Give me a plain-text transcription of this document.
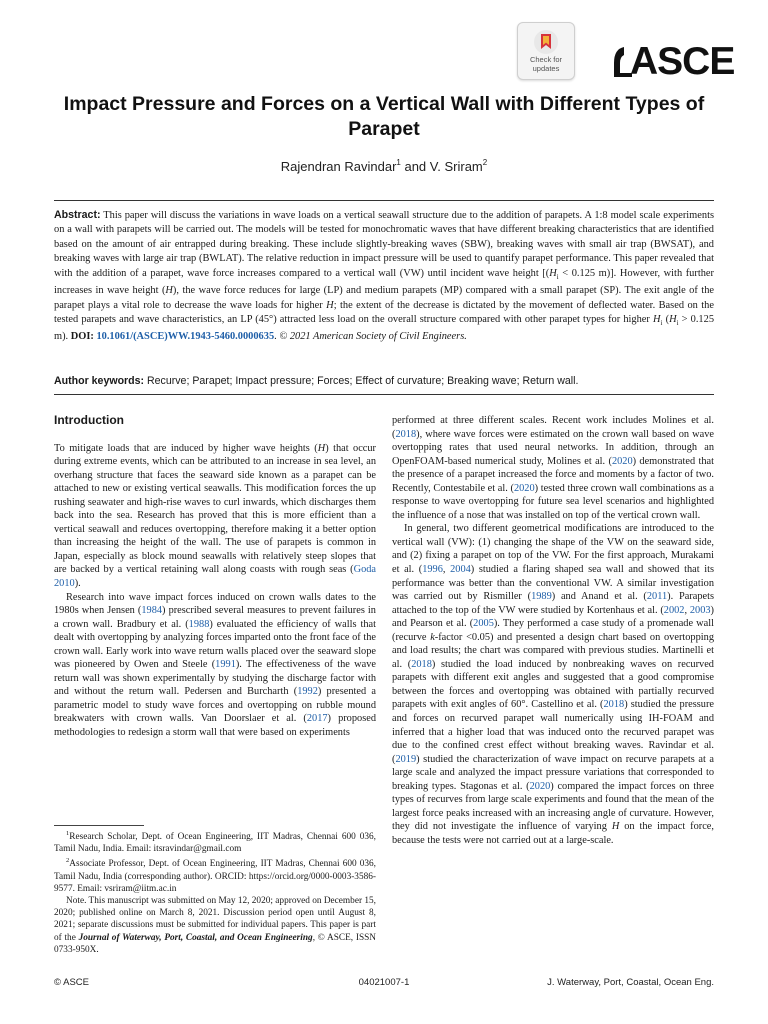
Check for
updates	ASCE
Impact Pressure and Forces on a Vertical Wall with Different Types of Parapet
Rajendran Ravindar$^1$ and V. Sriram$^2$
Abstract: This paper will discuss the variations in wave loads on a vertical seawall structure due to the addition of parapets. A 1:8 model scale experiments on a wall with parapets will be carried out. The models will be tested for monochromatic waves that have different breaking characteristics that are identified based on the amount of air entrapped during breaking. These include slightly-breaking waves (SBW), breaking waves with small air trap (BWSAT), and breaking waves with large air trap (BWLAT). The relative reduction in impact pressure will be used to quantify parapet performance. This paper revealed that with the addition of a parapet, wave force increases compared to a vertical wall (VW) until incident wave height [($H_i < 0.125$ m)]. However, with further increases in wave height (H), the wave force reduces for large (LP) and medium parapets (MP) compared with a small parapet (SP). The exit angle of the parapet plays a vital role to decrease the wave loads for higher H; the extent of the decrease is dictated by the movement of deflected water. Based on the tested parapets and wave characteristics, an LP (45°) attracted less load on the overall structure compared with other parapet types for higher $H_i$ ($H_i > 0.125$ m). DOI: 10.1061/(ASCE)WW.1943-5460.0000635. © 2021 American Society of Civil Engineers.
Author keywords: Recurve; Parapet; Impact pressure; Forces; Effect of curvature; Breaking wave; Return wall.
Introduction

To mitigate loads that are induced by higher wave heights (H) that occur during extreme events, which can be attributed to an increase in sea level, an overhang structure that faces the seaward side known as a parapet can be attached to new or existing vertical seawalls. This modification forces the up rushing seawater and high-rise waves to curl inwards, which discharges them back into the sea. Research has proved that this is more efficient than a vertical seawall and reduces overtopping, therefore making it a better option than increasing the height of the wall. The use of parapets is common in Japan, especially as block mound seawalls with relatively steep slopes that are backed by a vertical retaining wall along coasts with rough seas (Goda 2010).

Research into wave impact forces induced on crown walls dates to the 1980s when Jensen (1984) prescribed several measures to prevent failures in a crown wall. Bradbury et al. (1988) evaluated the efficiency of walls that dealt with overtopping by analyzing forces imparted onto the front face of the crown wall. Early work into wave return walls placed over the seaward slope was pioneered by Owen and Steele (1991). The effectiveness of the wave return wall was shown experimentally by studying the discharge factor with and without the return wall. Pedersen and Burcharth (1992) presented a parametric model to study wave forces and overtopping on rubble mound breakwaters with crown walls. Van Doorslaer et al. (2017) proposed methodologies to redesign a storm wall that were based on experiments

$^1$Research Scholar, Dept. of Ocean Engineering, IIT Madras, Chennai 600 036, Tamil Nadu, India. Email: itsravindar@gmail.com

$^2$Associate Professor, Dept. of Ocean Engineering, IIT Madras, Chennai 600 036, Tamil Nadu, India (corresponding author). ORCID: https://orcid.org/0000-0003-3586-9577. Email: vsriram@iitm.ac.in

Note. This manuscript was submitted on May 12, 2020; approved on December 15, 2020; published online on March 8, 2021. Discussion period open until August 8, 2021; separate discussions must be submitted for individual papers. This paper is part of the Journal of Waterway, Port, Coastal, and Ocean Engineering, © ASCE, ISSN 0733-950X.

performed at three different scales. Recent work includes Molines et al. (2018), where wave forces were estimated on the crown wall based on wave overtopping rates that used neural networks. In addition, through an OpenFOAM-based numerical study, Molines et al. (2020) demonstrated that the presence of a parapet increased the force and moments by a factor of two. Recently, Contestabile et al. (2020) tested three crown wall combinations as a response to wave overtopping for future sea level scenarios and highlighted the influence of a nose that was installed on top of the vertical crown wall.

In general, two different geometrical modifications are introduced to the vertical wall (VW): (1) changing the shape of the VW on the seaward side, and (2) fixing a parapet on top of the VW. For the first approach, Murakami et al. (1996, 2004) studied a flaring shaped sea wall and showed that its performance was better than the conventional VW. A similar investigation was carried out by Rismiller (1989) and Anand et al. (2011). Parapets attached to the top of the VW were studied by Kortenhaus et al. (2002, 2003) and Pearson et al. (2005). They performed a case study of a promenade wall (recurve k-factor <0.05) and presented a design chart based on overtopping and load results; the chart was compared with previous studies. Martinelli et al. (2018) studied the load induced by nonbreaking waves on recurved parapets with different exit angles and suggested that a good compromise between the forces and overtopping was obtained with partially recurved parapets with exit angles of 60°. Castellino et al. (2018) studied the pressure and forces on recurved parapet wall numerically using IH-FOAM and inferred that a higher load that was induced onto the recurved parapet was due to the confined crest effect without breaking waves. Ravindar et al. (2019) studied the characterization of wave impact on recurve parapets at a large scale and analyzed the impact pressure variations that corresponded to breaking types. Stagonas et al. (2020) compared the impact forces on three types of recurves from large scale experiments and found that the mean of the largest force peaks increased with an increasing angle of curvature. However, they did not investigate the influence of varying H on the impact force, because the tests were not carried out at a large-scale.

© ASCE	04021007-1	J. Waterway, Port, Coastal, Ocean Eng.
